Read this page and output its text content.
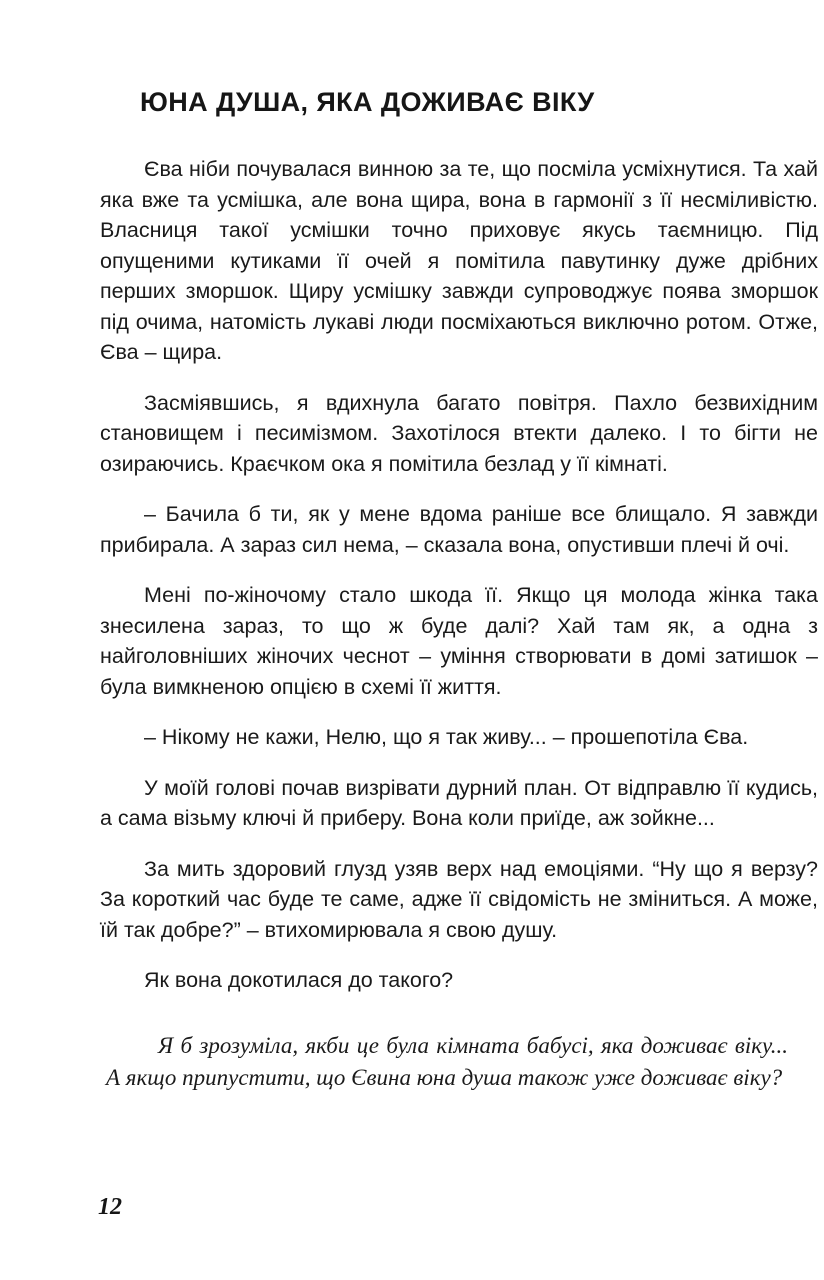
ЮНА ДУША, ЯКА ДОЖИВАЄ ВІКУ

Єва ніби почувалася винною за те, що посміла усміхнутися. Та хай яка вже та усмішка, але вона щира, вона в гармонії з її несміливістю. Власниця такої усмішки точно приховує якусь таємницю. Під опущеними кутиками її очей я помітила павутинку дуже дрібних перших зморшок. Щиру усмішку завжди супроводжує поява зморшок під очима, натомість лукаві люди посміхаються виключно ротом. Отже, Єва – щира.

Засміявшись, я вдихнула багато повітря. Пахло безвихідним становищем і песимізмом. Захотілося втекти далеко. І то бігти не озираючись. Краєчком ока я помітила безлад у її кімнаті.

– Бачила б ти, як у мене вдома раніше все блищало. Я завжди прибирала. А зараз сил нема, – сказала вона, опустивши плечі й очі.

Мені по-жіночому стало шкода її. Якщо ця молода жінка така знесилена зараз, то що ж буде далі? Хай там як, а одна з найголовніших жіночих чеснот – уміння створювати в домі затишок – була вимкненою опцією в схемі її життя.

– Нікому не кажи, Нелю, що я так живу... – прошепотіла Єва.

У моїй голові почав визрівати дурний план. От відправлю її кудись, а сама візьму ключі й приберу. Вона коли приїде, аж зойкне...

За мить здоровий глузд узяв верх над емоціями. “Ну що я верзу? За короткий час буде те саме, адже її свідомість не зміниться. А може, їй так добре?” – втихомирювала я свою душу.

Як вона докотилася до такого?

Я б зрозуміла, якби це була кімната бабусі, яка доживає віку... А якщо припустити, що Євина юна душа також уже доживає віку?

12
